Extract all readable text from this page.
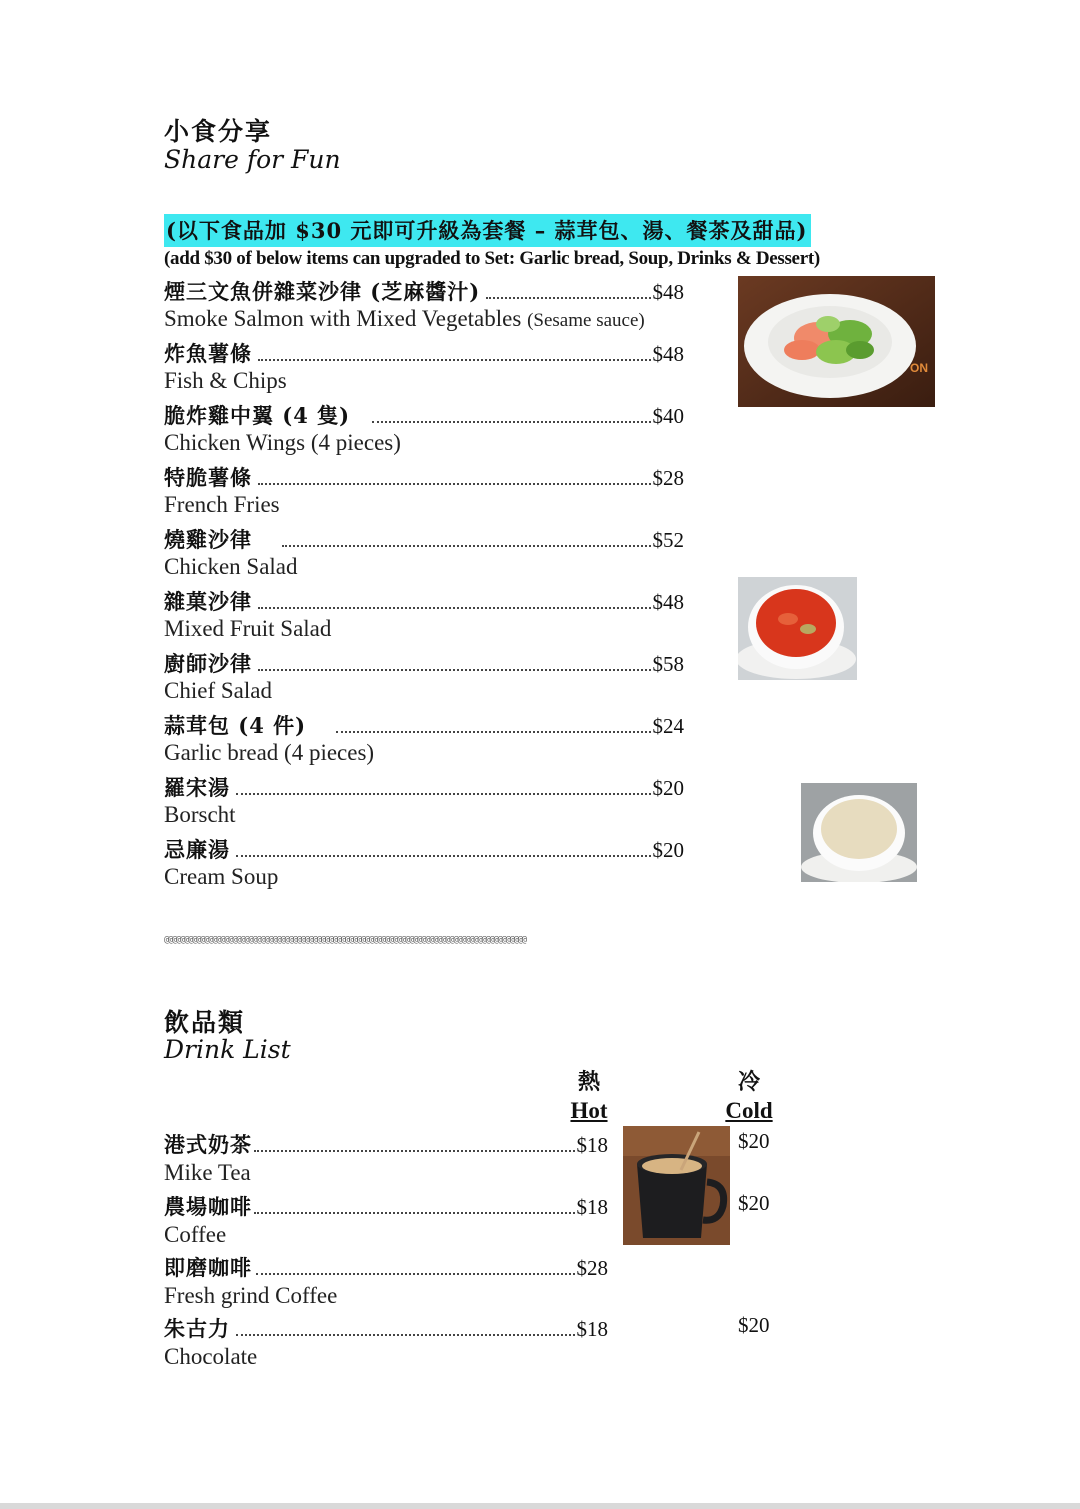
小食分享
Share for Fun
(以下食品加 $30 元即可升級為套餐 – 蒜茸包、湯、餐茶及甜品)
(add $30 of below items can upgraded to Set: Garlic bread, Soup, Drinks & Dessert)
煙三文魚併雜菜沙律 (芝麻醬汁)	$48
Smoke Salmon with Mixed Vegetables (Sesame sauce)
炸魚薯條	$48
Fish & Chips
脆炸雞中翼 (4 隻)	$40
Chicken Wings (4 pieces)
特脆薯條	$28
French Fries
燒雞沙律	$52
Chicken Salad
雜菓沙律	$48
Mixed Fruit Salad
廚師沙律	$58
Chief Salad
蒜茸包 (4 件)	$24
Garlic bread (4 pieces)
羅宋湯	$20
Borscht
忌廉湯	$20
Cream Soup
ON
@@@@@@@@@@@@@@@@@@@@@@@@@@@@@@@@@@@@@@@@@@@@@@@@@@@@@@@@@@@@@@@@@@@@@@@@@@@@@@@@@@@@@@@@@@
飲品類
Drink List
熱
Hot
冷
Cold
港式奶茶	$18	$20
Mike Tea
農場咖啡	$18	$20
Coffee
即磨咖啡	$28
Fresh grind Coffee
朱古力	$18	$20
Chocolate
